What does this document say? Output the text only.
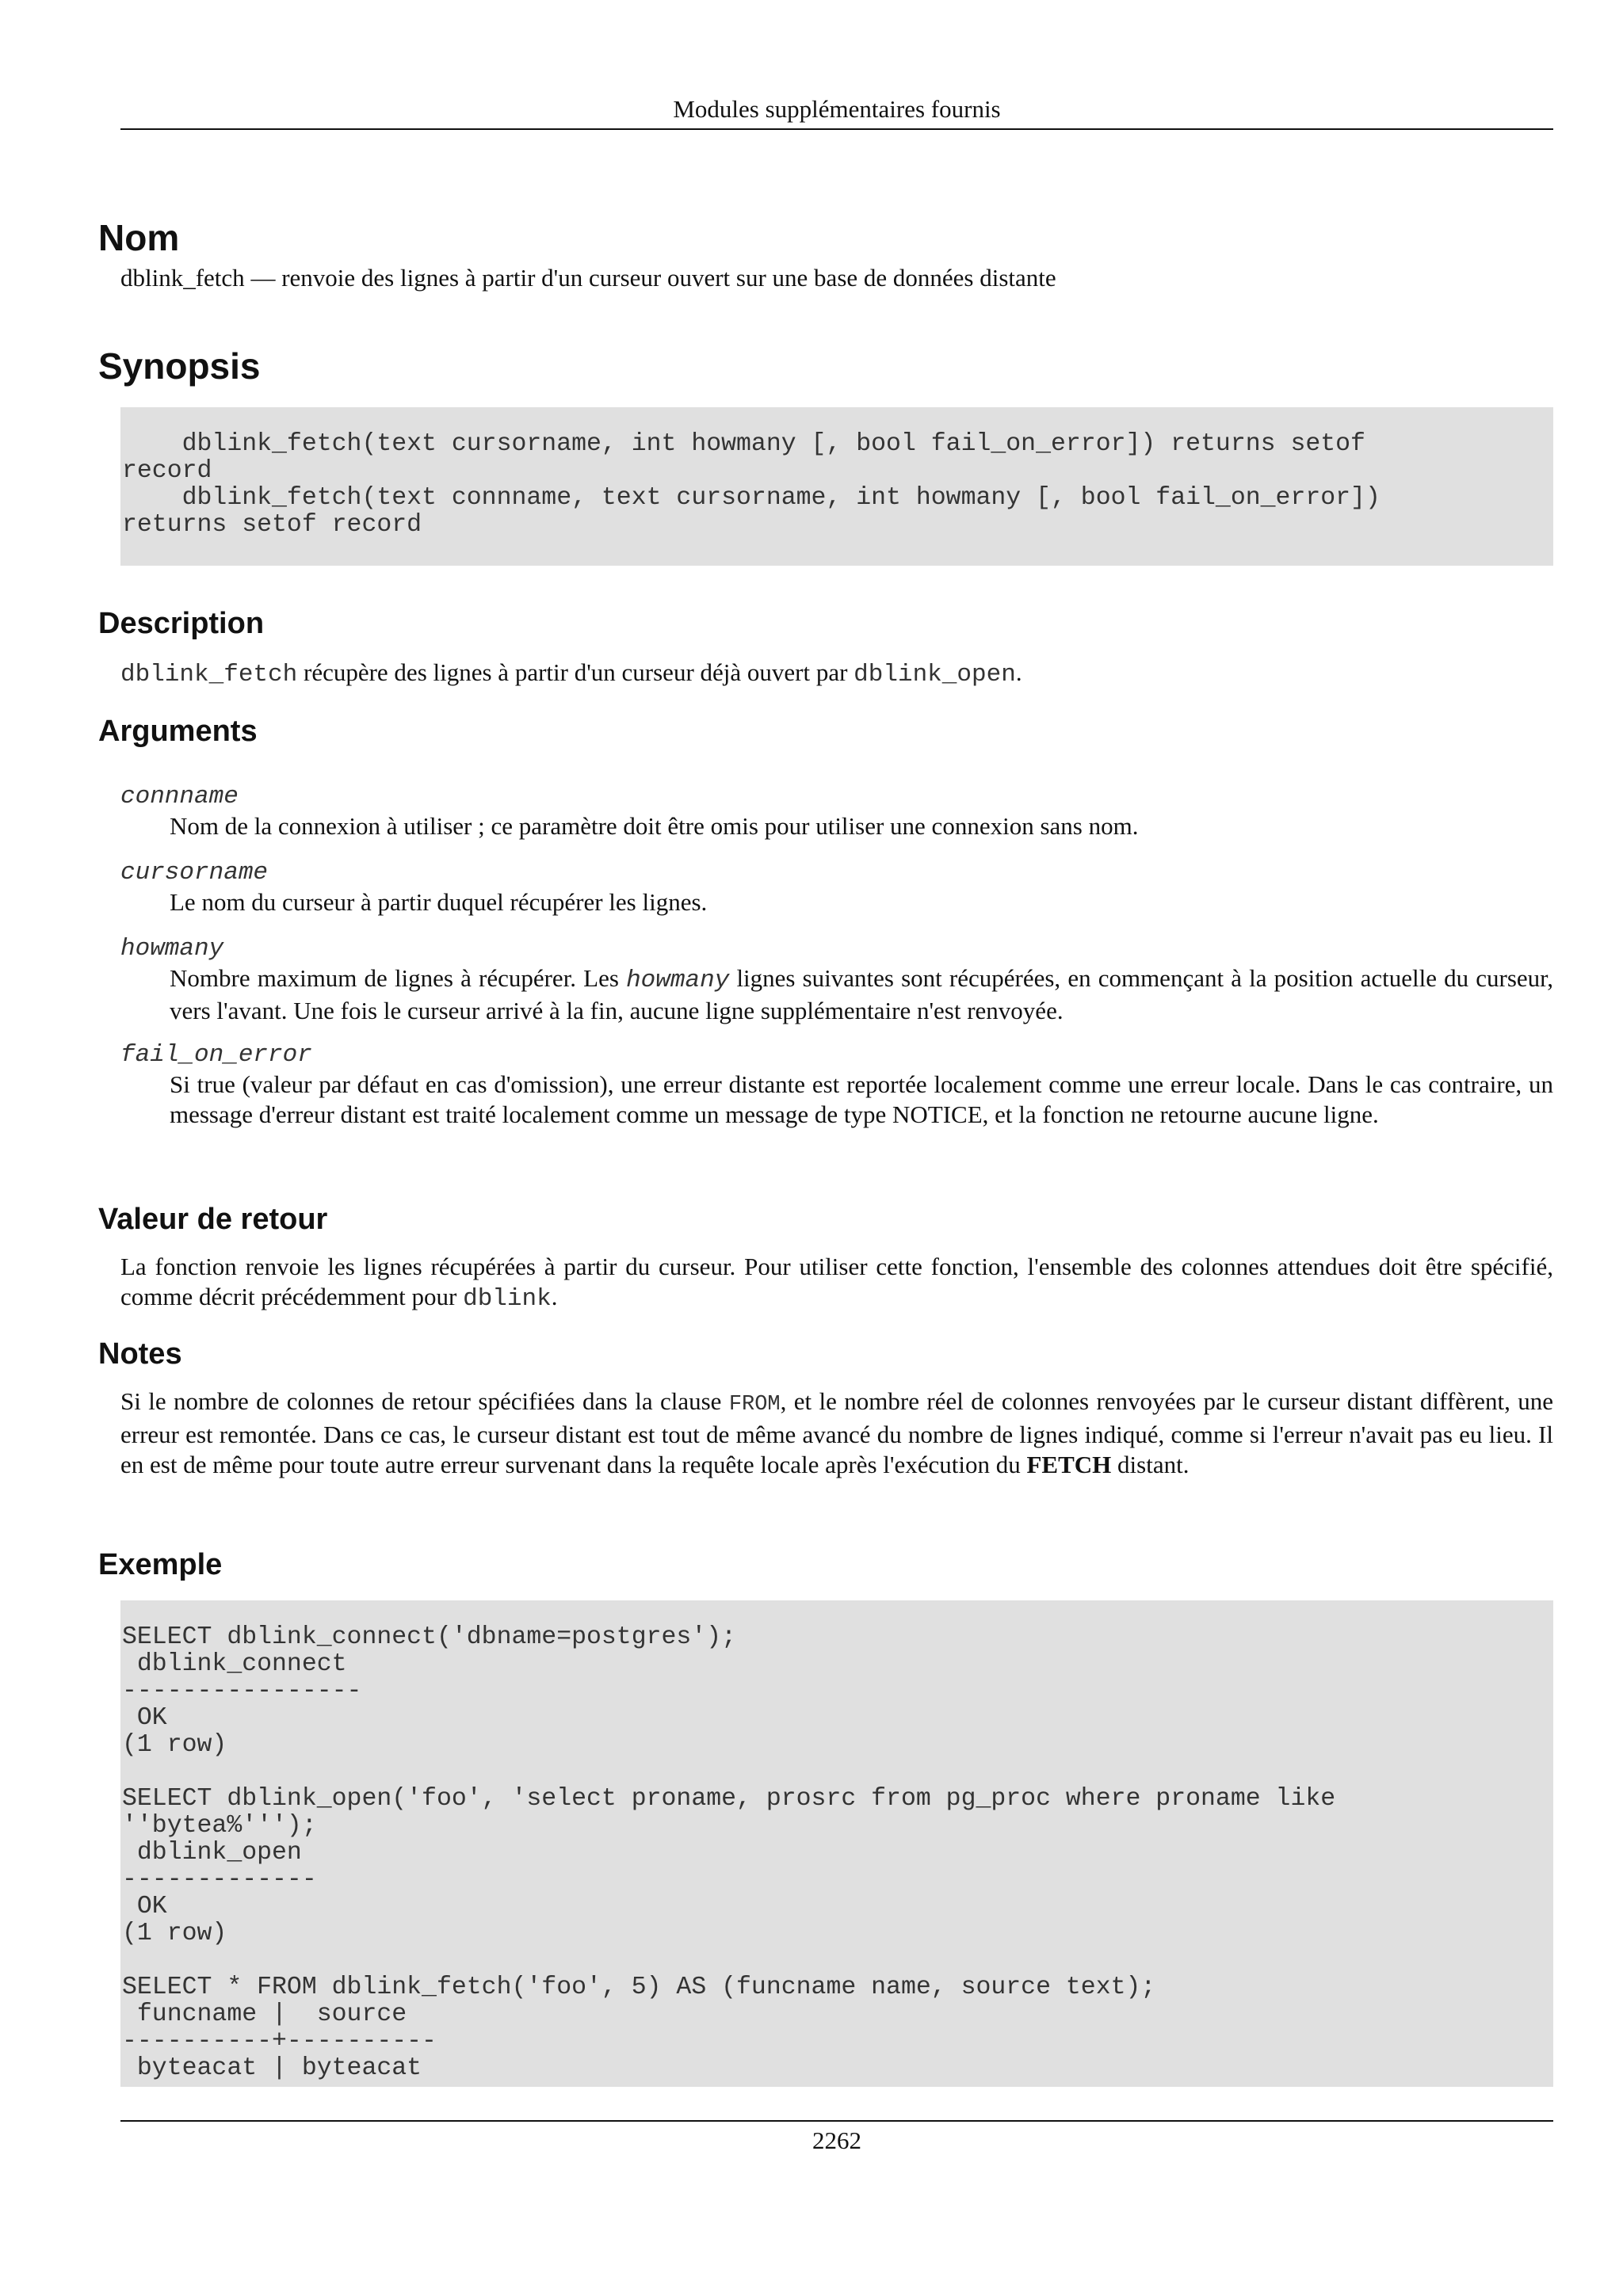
Modules supplémentaires fournis
Nom
dblink_fetch — renvoie des lignes à partir d'un curseur ouvert sur une base de données distante
Synopsis
dblink_fetch(text cursorname, int howmany [, bool fail_on_error]) returns setof
record
dblink_fetch(text connname, text cursorname, int howmany [, bool fail_on_error])
returns setof record
Description
dblink_fetch récupère des lignes à partir d'un curseur déjà ouvert par dblink_open.
Arguments
connname
Nom de la connexion à utiliser ; ce paramètre doit être omis pour utiliser une connexion sans nom.
cursorname
Le nom du curseur à partir duquel récupérer les lignes.
howmany
Nombre maximum de lignes à récupérer. Les howmany lignes suivantes sont récupérées, en commençant à la position actuelle du curseur, vers l'avant. Une fois le curseur arrivé à la fin, aucune ligne supplémentaire n'est renvoyée.
fail_on_error
Si true (valeur par défaut en cas d'omission), une erreur distante est reportée localement comme une erreur locale. Dans le cas contraire, un message d'erreur distant est traité localement comme un message de type NOTICE, et la fonction ne retourne aucune ligne.
Valeur de retour
La fonction renvoie les lignes récupérées à partir du curseur. Pour utiliser cette fonction, l'ensemble des colonnes attendues doit être spécifié, comme décrit précédemment pour dblink.
Notes
Si le nombre de colonnes de retour spécifiées dans la clause FROM, et le nombre réel de colonnes renvoyées par le curseur distant diffèrent, une erreur est remontée. Dans ce cas, le curseur distant est tout de même avancé du nombre de lignes indiqué, comme si l'erreur n'avait pas eu lieu. Il en est de même pour toute autre erreur survenant dans la requête locale après l'exécution du FETCH distant.
Exemple
SELECT dblink_connect('dbname=postgres');
dblink_connect
----------------
OK
(1 row)

SELECT dblink_open('foo', 'select proname, prosrc from pg_proc where proname like
''bytea%''');
dblink_open
-------------
OK
(1 row)

SELECT * FROM dblink_fetch('foo', 5) AS (funcname name, source text);
funcname |  source
----------+----------
byteacat | byteacat
2262
